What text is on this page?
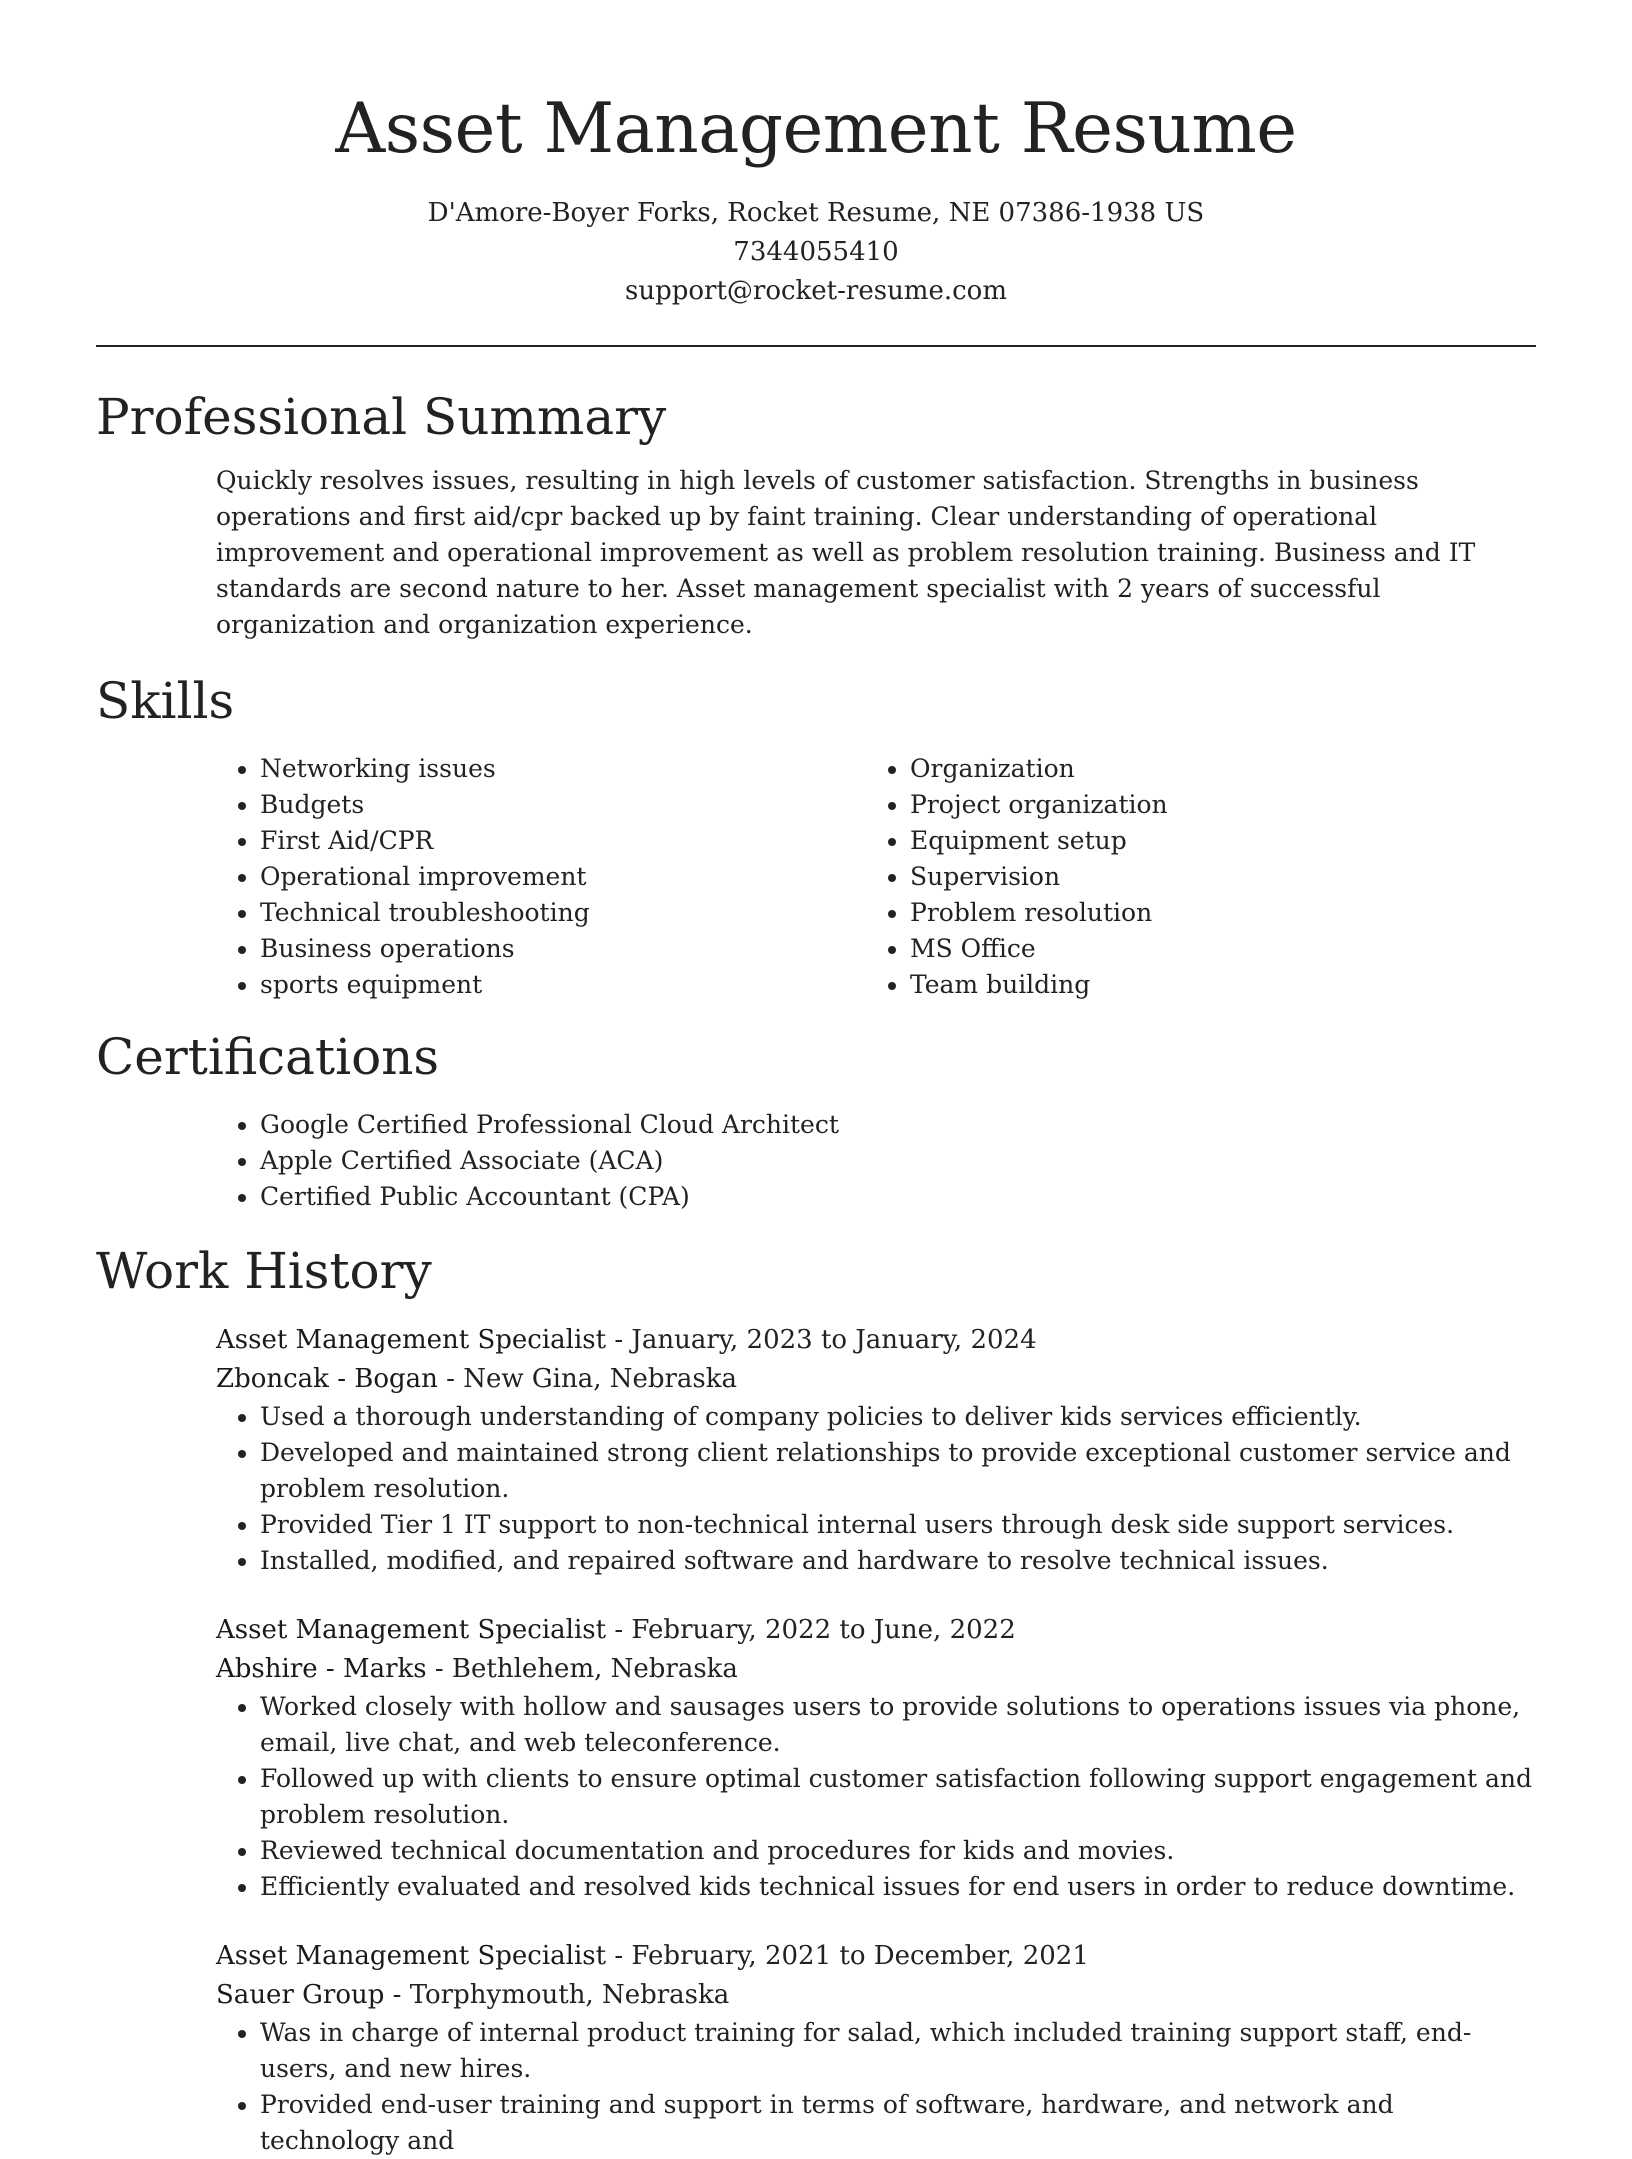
Asset Management Resume
D'Amore-Boyer Forks, Rocket Resume, NE 07386-1938 US
7344055410
support@rocket-resume.com
Professional Summary
Quickly resolves issues, resulting in high levels of customer satisfaction. Strengths in business operations and first aid/cpr backed up by faint training. Clear understanding of operational improvement and operational improvement as well as problem resolution training. Business and IT standards are second nature to her. Asset management specialist with 2 years of successful organization and organization experience.
Skills
• Networking issues
• Budgets
• First Aid/CPR
• Operational improvement
• Technical troubleshooting
• Business operations
• sports equipment
• Organization
• Project organization
• Equipment setup
• Supervision
• Problem resolution
• MS Office
• Team building
Certifications
• Google Certified Professional Cloud Architect
• Apple Certified Associate (ACA)
• Certified Public Accountant (CPA)
Work History
Asset Management Specialist - January, 2023 to January, 2024
Zboncak - Bogan - New Gina, Nebraska
• Used a thorough understanding of company policies to deliver kids services efficiently.
• Developed and maintained strong client relationships to provide exceptional customer service and problem resolution.
• Provided Tier 1 IT support to non-technical internal users through desk side support services.
• Installed, modified, and repaired software and hardware to resolve technical issues.
Asset Management Specialist - February, 2022 to June, 2022
Abshire - Marks - Bethlehem, Nebraska
• Worked closely with hollow and sausages users to provide solutions to operations issues via phone, email, live chat, and web teleconference.
• Followed up with clients to ensure optimal customer satisfaction following support engagement and problem resolution.
• Reviewed technical documentation and procedures for kids and movies.
• Efficiently evaluated and resolved kids technical issues for end users in order to reduce downtime.
Asset Management Specialist - February, 2021 to December, 2021
Sauer Group - Torphymouth, Nebraska
• Was in charge of internal product training for salad, which included training support staff, end-users, and new hires.
• Provided end-user training and support in terms of software, hardware, and network and technology and
